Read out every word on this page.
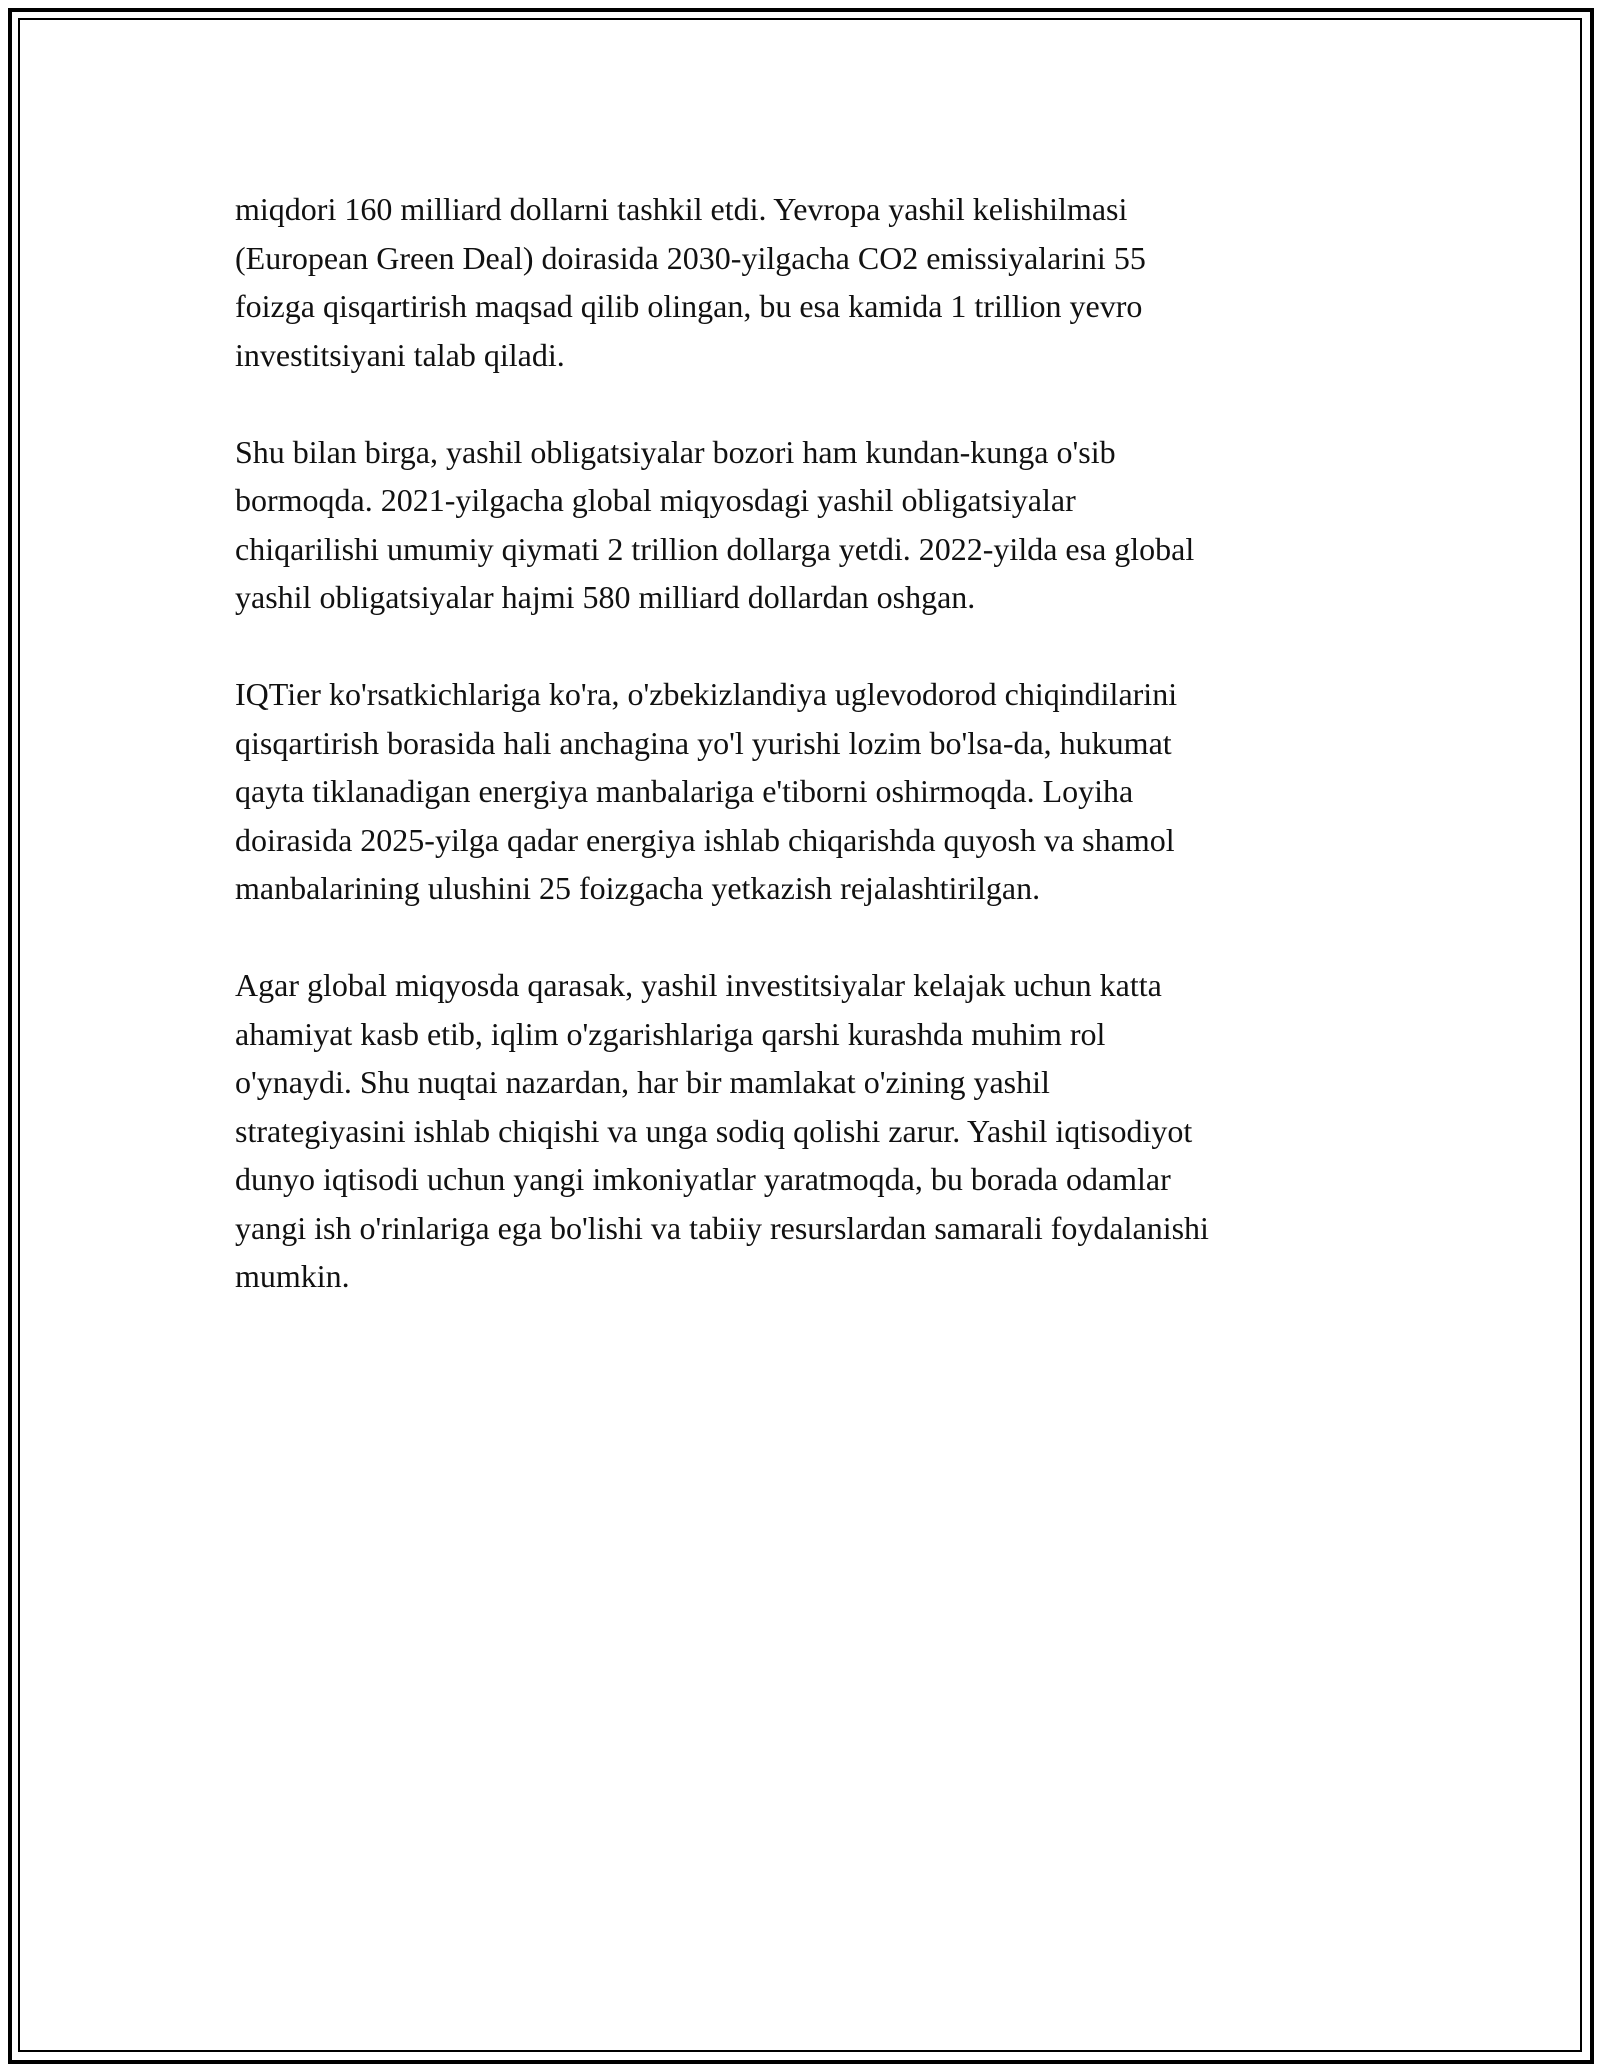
miqdori 160 milliard dollarni tashkil etdi. Yevropa yashil kelishilmasi
(European Green Deal) doirasida 2030-yilgacha CO2 emissiyalarini 55
foizga qisqartirish maqsad qilib olingan, bu esa kamida 1 trillion yevro
investitsiyani talab qiladi.

Shu bilan birga, yashil obligatsiyalar bozori ham kundan-kunga o'sib
bormoqda. 2021-yilgacha global miqyosdagi yashil obligatsiyalar
chiqarilishi umumiy qiymati 2 trillion dollarga yetdi. 2022-yilda esa global
yashil obligatsiyalar hajmi 580 milliard dollardan oshgan.

IQTier ko'rsatkichlariga ko'ra, o'zbekizlandiya uglevodorod chiqindilarini
qisqartirish borasida hali anchagina yo'l yurishi lozim bo'lsa-da, hukumat
qayta tiklanadigan energiya manbalariga e'tiborni oshirmoqda. Loyiha
doirasida 2025-yilga qadar energiya ishlab chiqarishda quyosh va shamol
manbalarining ulushini 25 foizgacha yetkazish rejalashtirilgan.

Agar global miqyosda qarasak, yashil investitsiyalar kelajak uchun katta
ahamiyat kasb etib, iqlim o'zgarishlariga qarshi kurashda muhim rol
o'ynaydi. Shu nuqtai nazardan, har bir mamlakat o'zining yashil
strategiyasini ishlab chiqishi va unga sodiq qolishi zarur. Yashil iqtisodiyot
dunyo iqtisodi uchun yangi imkoniyatlar yaratmoqda, bu borada odamlar
yangi ish o'rinlariga ega bo'lishi va tabiiy resurslardan samarali foydalanishi
mumkin.
